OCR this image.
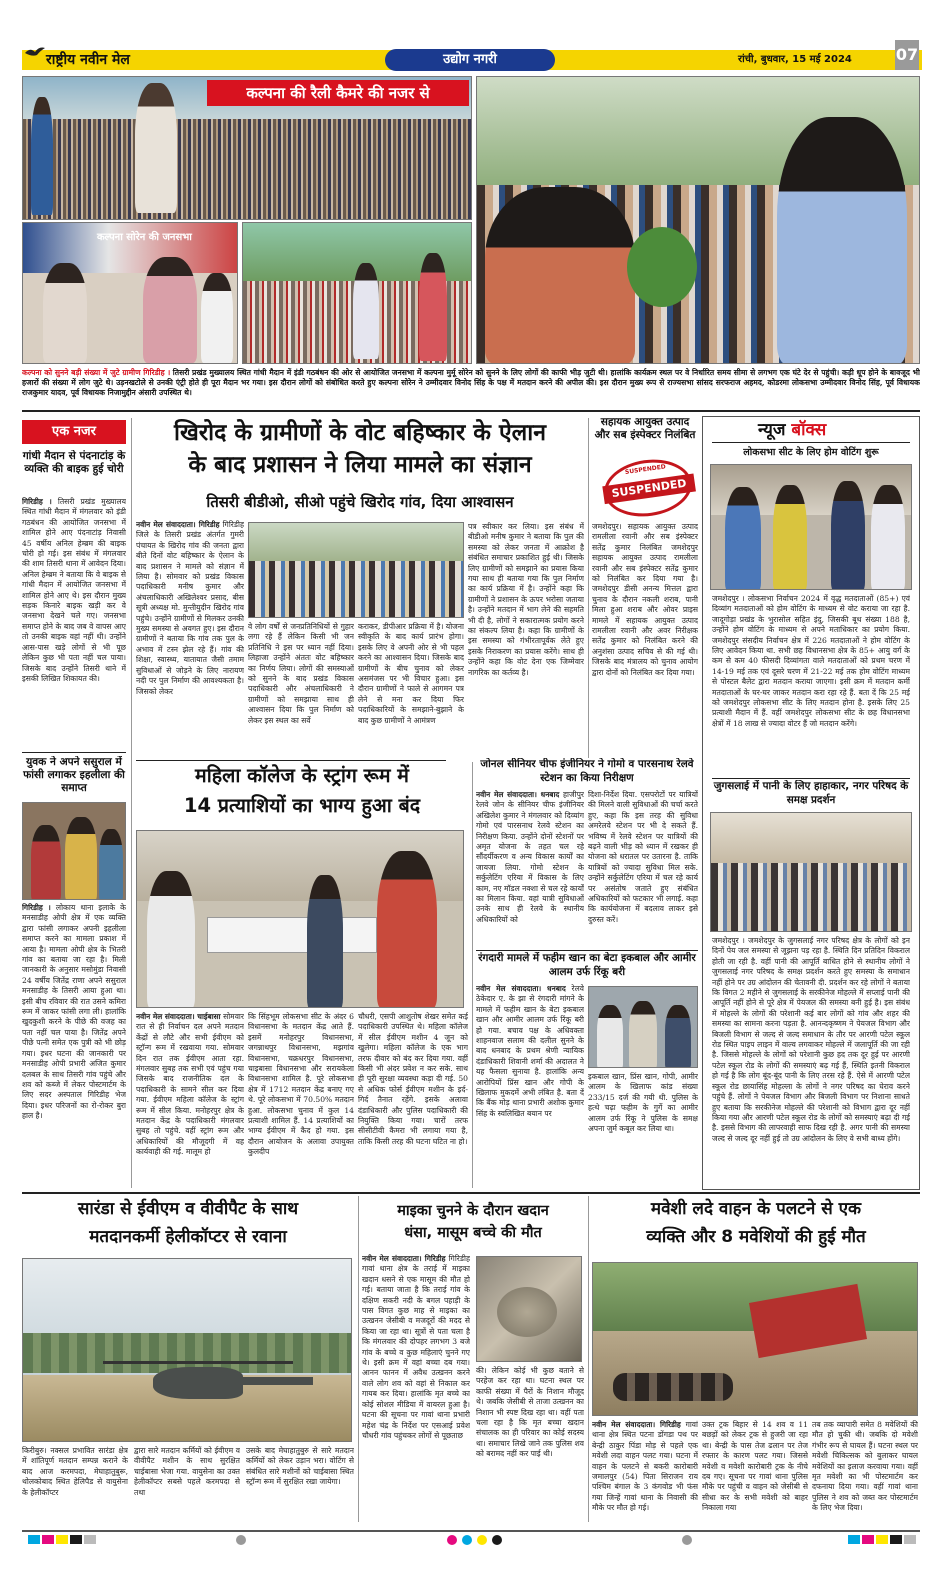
राष्ट्रीय नवीन मेल	उद्योग नगरी	रांची, बुधवार, 15 मई 2024	07
कल्पना की रैली कैमरे की नजर से
कल्पना सोरेन की जनसभा
कल्पना को सुनने बड़ी संख्या में जुटे ग्रामीण गिरिडीह । तिसरी प्रखंड मुख्यालय स्थित गांधी मैदान में इंडी गठबंधन की ओर से आयोजित जनसभा में कल्पना मुर्मू सोरेन को सुनने के लिए लोगों की काफी भीड़ जुटी थी। हालांकि कार्यक्रम स्थल पर वे निर्धारित समय सीमा से लगभग एक घंटे देर से पहुंची। कड़ी धूप होने के बावजूद भी हजारों की संख्या में लोग जुटे थे। उड़नखटोले से उनकी एंट्री होते ही पूरा मैदान भर गया। इस दौरान लोगों को संबोधित करते हुए कल्पना सोरेन ने उम्मीदवार विनोद सिंह के पक्ष में मतदान करने की अपील की। इस दौरान मुख्य रूप से राज्यसभा सांसद सरफराज अहमद, कोडरमा लोकसभा उम्मीदवार विनोद सिंह, पूर्व विधायक राजकुमार यादव, पूर्व विधायक निजामुद्दीन अंसारी उपस्थित थे।
एक नजर
गांधी मैदान से पंदनाटांड़ के व्यक्ति की बाइक हुई चोरी
गिरिडीह । तिसरी प्रखंड मुख्यालय स्थित गांधी मैदान में मंगलवार को इंडी गठबंधन की आयोजित जनसभा में शामिल होने आए पंदनाटांड़ निवासी 45 वर्षीय अनिल हेम्ब्रम की बाइक चोरी हो गई। इस संबंध में मंगलवार की शाम तिसरी थाना में आवेदन दिया। अनिल हेम्ब्रम ने बताया कि वे बाइक से गांधी मैदान में आयोजित जनसभा में शामिल होने आए थे। इस दौरान मुख्य सड़क किनारे बाइक खड़ी कर वे जनसभा देखने चले गए। जनसभा समाप्त होने के बाद जब वे वापस आए तो उनकी बाइक वहां नहीं थी। उन्होंने आस-पास खड़े लोगों से भी पूछ लेकिन कुछ भी पता नहीं चल पाया। जिसके बाद उन्होंने तिसरी थाने में इसकी लिखित शिकायत की।
युवक ने अपने ससुराल में फांसी लगाकर इहलीला की समाप्त
गिरिडीह । लोकाय थाना इलाके के मनसाडीह ओपी क्षेत्र में एक व्यक्ति द्वारा फांसी लगाकर अपनी इहलीला समाप्त करने का मामला प्रकाश में आया है। मामला ओपी क्षेत्र के भितरी गांव का बताया जा रहा है। मिली जानकारी के अनुसार मसोमुंडा निवासी 24 वर्षीय जितेंद्र राणा अपने ससुराल मनसाडीह के तिसरी आया हुआ था। इसी बीच रविवार की रात उसने कमिरा रूम में जाकर फांसी लगा ली। हालांकि खुदकुशी करने के पीछे की वजह का पता नहीं चल पाया है। जितेंद्र अपने पीछे पत्नी समेत एक पुत्री को भी छोड़ गया। इधर घटना की जानकारी पर मनसाडीह ओपी प्रभारी अजित कुमार दलबल के साथ तिसरी गांव पहुंचे और शव को कब्जे में लेकर पोस्टमार्टम के लिए सदर अस्पताल गिरिडीह भेज दिया। इधर परिजनों का रो-रोकर बुरा हाल है।
खिरोद के ग्रामीणों के वोट बहिष्कार के ऐलान
के बाद प्रशासन ने लिया मामले का संज्ञान
तिसरी बीडीओ, सीओ पहुंचे खिरोद गांव, दिया आश्वासन
नवीन मेल संवाददाता। गिरिडीह गिरिडीह जिले के तिसरी प्रखंड अंतर्गत गुमरी पंचायत के खिरोद गांव की जनता द्वारा बीते दिनों वोट बहिष्कार के ऐलान के बाद प्रशासन ने मामले को संज्ञान में लिया है। सोमवार को प्रखंड विकास पदाधिकारी मनीष कुमार और अंचलाधिकारी अखिलेश्वर प्रसाद, बीस सूत्री अध्यक्ष मो. मुन्तीयुदीन खिरोद गांव पहुंचे। उन्होंने ग्रामीणों से मिलकर उनकी मुख्य समस्या से अवगत हुए। इस दौरान ग्रामीणों ने बताया कि गांव तक पुल के अभाव में टस्न झेल रहे हैं। गांव की शिक्षा, स्वास्थ्य, यातायात जैसी तमाम सुविधाओं से जोड़ने के लिए नारायण नदी पर पुल निर्माण की आवश्यकता है। जिसको लेकर
वे लोग वर्षों से जनप्रतिनिधियों से गुहार लगा रहे हैं लेकिन किसी भी जन प्रतिनिधि ने इस पर ध्यान नहीं दिया। लिहाजा उन्होंने अंततः वोट बहिष्कार का निर्णय लिया। लोगों की समस्याओं को सुनने के बाद प्रखंड विकास पदाधिकारी और अंचलाधिकारी ने ग्रामीणों को समझाया साथ ही आश्वासन दिया कि पुल निर्माण को लेकर इस स्थल का सर्वे
कराकर, डीपीआर प्रक्रिया में है। योजना स्वीकृति के बाद कार्य प्रारंभ होगा। इसके लिए वे अपनी ओर से भी पहल करने का आश्वासन दिया। जिसके बाद ग्रामीणों के बीच चुनाव को लेकर असमंजस पर भी विचार हुआ। इस दौरान ग्रामीणों ने फाले से आगमन पत्र लेने से मना कर दिया फिर पदाधिकारियों के समझाने-बुझाने के बाद कुछ ग्रामीणों ने आमंत्रण
पत्र स्वीकार कर लिया। इस संबंध में बीडीओ मनीष कुमार ने बताया कि पुल की समस्या को लेकर जनता में आक्रोश है संबंधित समाचार प्रकाशित हुई थी। जिसके लिए ग्रामीणों को समझाने का प्रयास किया गया साथ ही बताया गया कि पुल निर्माण का कार्य प्रक्रिया में है। उन्होंने कहा कि ग्रामीणों ने प्रशासन के ऊपर भरोसा जताया है। उन्होंने मतदान में भाग लेने की सहमति भी दी है, लोगों ने सकारात्मक प्रयोग करने का संकल्प लिया है। कहा कि ग्रामीणों के इस समस्या को गंभीरतापूर्वक लेते हुए इसके निराकरण का प्रयास करेंगे। साथ ही उन्होंने कहा कि वोट देना एक जिम्मेवार नागरिक का कर्तव्य है।
सहायक आयुक्त उत्पाद और सब इंस्पेक्टर निलंबित
SUSPENDED
SUSPENDED
जमशेदपुर। सहायक आयुक्त उत्पाद रामलीला रवानी और सब इंस्पेक्टर सतेंद्र कुमार निलंबित जमशेदपुर सहायक आयुक्त उत्पाद रामलीला रवानी और सब इंस्पेक्टर सतेंद्र कुमार को निलंबित कर दिया गया है। जमशेदपुर डीसी अनन्य मित्तल द्वारा चुनाव के दौरान नकली शराब, पानी मिला हुआ शराब और ओवर प्राइस मामले में सहायक आयुक्त उत्पाद रामलीला रवानी और अवर निरीक्षक सतेंद्र कुमार को निलंबित करने की अनुशंसा उत्पाद सचिव से की गई थी। जिसके बाद मंत्रालय को चुनाव आयोग द्वारा दोनों को निलंबित कर दिया गया।
न्यूज बॉक्स
लोकसभा सीट के लिए होम वोटिंग शुरू
जमशेदपुर । लोकसभा निर्वाचन 2024 में वृद्ध मतदाताओं (85+) एवं दिव्यांग मतदाताओं को होम वोटिंग के माध्यम से वोट कराया जा रहा है. जादूगोड़ा प्रखंड के भुरासोल सहित इंदु, जिसकी बूथ संख्या 188 है, उन्होंने होम वोटिंग के माध्यम से अपने मताधिकार का प्रयोग किया. जमशेदपुर संसदीय निर्वाचन क्षेत्र में 226 मतदाताओं ने होम वोटिंग के लिए आवेदन किया था. सभी छह विधानसभा क्षेत्र के 85+ आयु वर्ग के कम से कम 40 फीसदी दिव्यांगता वाले मतदाताओं को प्रथम चरण में 14-19 मई तक एवं दूसरे चरण में 21-22 मई तक होम वोटिंग माध्यम से पोस्टल बैलेट द्वारा मतदान कराया जाएगा। इसी क्रम में मतदान कर्मी मतदाताओं के घर-घर जाकर मतदान करा रहा रहे हैं. बता दें कि 25 मई को जमशेदपुर लोकसभा सीट के लिए मतदान होना है. इसके लिए 25 प्रत्याशी मैदान में हैं. वहीं जमशेदपुर लोकसभा सीट के छह विधानसभा क्षेत्रों में 18 लाख से ज्यादा वोटर हैं जो मतदान करेंगे।
जुगसलाई में पानी के लिए हाहाकार, नगर परिषद के समक्ष प्रदर्शन
जमशेदपुर । जमशेदपुर के जुगसलाई नगर परिषद क्षेत्र के लोगों को इन दिनों पेय जल समस्या से जूझना पड़ रहा है. स्थिति दिन प्रतिदिन विकराल होती जा रही है. वहीं पानी की आपूर्ति बाधित होने से स्थानीय लोगों ने जुगसलाई नगर परिषद के समक्ष प्रदर्शन करते हुए समस्या के समाधान नहीं होने पर उग्र आंदोलन की चेतावनी दी. प्रदर्शन कर रहे लोगों ने बताया कि विगत 2 महीने से जुगसलाई के सरकीनेज मोहल्ले में सप्लाई पानी की आपूर्ति नहीं होने से पूरे क्षेत्र में पेयजल की समस्या बनी हुई है। इस संबंध में मोहल्ले के लोगों की परेशानी कई बार लोगों को गांव और शहर की समस्या का सामना करना पड़ता है. आनन्दकृष्णम ने पेयजल विभाग और बिजली विभाग से जल्द से जल्द समाधान के तौर पर आरणी पटेल स्कूल रोड स्थित पाइप लाइन में वाल्व लगवाकर मोहल्ले में जलापूर्ति की जा रही है. जिससे मोहल्ले के लोगों को परेशानी कुछ हद तक दूर हुई पर आरणी पटेल स्कूल रोड के लोगों की समस्याएं बढ़ गई हैं, स्थिति इतनी विकराल हो गई है कि लोग बूंद-बूंद पानी के लिए तरस रहे हैं. ऐसे में आरणी पटेल स्कूल रोड छायासिंह मोहल्ला के लोगों ने नगर परिषद का घेराव करने पहुंचे हैं. लोगों ने पेयजल विभाग और बिजली विभाग पर निशाना साधते हुए बताया कि सरकीनेज मोहल्ले की परेशानी को विभाग द्वारा दूर नहीं किया गया और आरणी पटेल स्कूल रोड के लोगों को समस्याएं बढ़ा दी गई है. इससे विभाग की लापरवाही साफ दिख रही है. अगर पानी की समस्या जल्द से जल्द दूर नहीं हुई तो उग्र आंदोलन के लिए वे सभी बाध्य होंगे।
महिला कॉलेज के स्ट्रांग रूम में
14 प्रत्याशियों का भाग्य हुआ बंद
नवीन मेल संवाददाता। चाईबासा सोमवार रात से ही निर्वाचन दल अपने मतदान केंद्रों से लौटे और सभी ईवीएम को स्ट्रॉन्ग रूम में रखवाया गया. सोमवार दिन रात तक ईवीएम आता रहा. मंगलवार सुबह तक सभी एवं पहुंच गया जिसके बाद राजनीतिक दल के पदाधिकारी के सामने सील कर दिया गया. ईवीएम महिला कॉलेज के स्ट्रांग रूम में सील किया. मनोहरपुर क्षेत्र के मतदान केंद्र के पदाधिकारी मंगलवार सुबह तो पहुंचे. वहीं स्ट्रांग रूम और अधिकारियों की मौजूदगी में वह कार्यवाही की गई. मालूम हो
कि सिंहभूम लोकसभा सीट के अंदर 6 विधानसभा के मतदान केंद्र आते हैं. इसमें मनोहरपुर विधानसभा, जगन्नाथपुर विधानसभा, मझगांव विधानसभा, चक्रधरपुर विधानसभा, चाइबासा विधानसभा और सरायकेला विधानसभा शामिल है. पूरे लोकसभा क्षेत्र में 1712 मतदान केंद्र बनाए गए थे. पूरे लोकसभा में 70.50% मतदान हुआ. लोकसभा चुनाव में कुल 14 प्रत्याशी शामिल हैं. 14 प्रत्याशियों का भाग्य ईवीएम में कैद हो गया. इस दौरान आयोजन के अलावा उपायुक्त कुलदीप
चौधरी, एसपी आशुतोष शेखर समेत कई पदाधिकारी उपस्थित थे। महिला कॉलेज में सील ईवीएम मशीन 4 जून को खुलेगा। महिला कॉलेज के एक भाग तरफ दीवार को बंद कर दिया गया. वहीं किसी भी अंदर प्रवेश न कर सके. साथ ही पूरी सुरक्षा व्यवस्था कड़ा दी गई. 50 से अधिक फोर्स ईवीएम मशीन के इर्द-गिर्द तैनात रहेंगे. इसके अलावा दंडाधिकारी और पुलिस पदाधिकारी की नियुक्ति किया गया। चारों तरफ सीसीटीवी कैमरा भी लगाया गया है, ताकि किसी तरह की घटना घटित ना हो।
जोनल सीनियर चीफ इंजीनियर ने गोमो व पारसनाथ रेलवे स्टेशन का किया निरीक्षण
नवीन मेल संवाददाता। धनबाद हाजीपुर रेलवे जोन के सीनियर चीफ इंजीनियर अखिलेश कुमार ने मंगलवार को दिव्यांग गोमो एवं पारसनाथ रेलवे स्टेशन का निरीक्षण किया. उन्होंने दोनों स्टेशनों पर अमृत योजना के तहत चल रहे सौंदर्यीकरण व अन्य विकास कार्यों का जायजा लिया. गोमो स्टेशन के सर्कुलेटिंग एरिया में विकास के लिए काम, नए मॉडल नक्शा से चल रहे कार्यों का मिलान किया. वहां यात्री सुविधाओं उनके साथ ही रेलवे के स्थानीय अधिकारियों को
दिशा-निर्देश दिया. एसपरोटों पर यात्रियों की मिलने वाली सुविधाओं की चर्चा करते हुए, कहा कि इस तरह की सुविधा अमरेलवे स्टेशन पर भी दे सकते हैं. भविष्य में रेलवे स्टेशन पर यात्रियों की बढ़ने वाली भीड़ को ध्यान में रखकर ही योजना को धरातल पर उतारना है. ताकि यात्रियों को ज्यादा सुविधा मिल सके. उन्होंने सर्कुलेटिंग एरिया में चल रहे कार्य पर असंतोष जताते हुए संबंधित अधिकारियों को फटकार भी लगाई. कहा कि कार्ययोजना में बदलाव लाकर इसे दुरुस्त करें।
रंगदारी मामले में फहीम खान का बेटा इकबाल और आमीर आलम उर्फ रिंकू बरी
नवीन मेल संवाददाता। धनबाद रेलवे ठेकेदार ए. के झा से रंगदारी मांगने के मामले में फहीम खान के बेटा इकबाल खान और आमीर आलम उर्फ रिंकू बरी हो गया. बचाव पक्ष के अधिवक्ता शाहनवाज सलाम की दलील सुनने के बाद धनबाद के प्रथम श्रेणी न्यायिक दंडाधिकारी शिवानी शर्मा की अदालत ने यह फैसला सुनाया है. हालांकि अन्य आरोपियों प्रिंस खान और गोपी के खिलाफ मुकदमें अभी लंबित है. बता दें कि बैंक मोड़ थाना प्रभारी अशोक कुमार सिंह के स्वलिखित बयान पर
इकबाल खान, प्रिंस खान, गोपी, आमीर आलम के खिलाफ कांड संख्या 233/15 दर्ज की गयी थी. पुलिस के हत्थे चढ़ा फहीम के गुर्गे का आमीर आलम उर्फ रिंकू ने पुलिस के समक्ष अपना जुर्म कबूल कर लिया था।
सारंडा से ईवीएम व वीवीपैट के साथ
मतदानकर्मी हेलीकॉप्टर से रवाना
किरीबुरु। नक्सल प्रभावित सारंडा क्षेत्र में शांतिपूर्ण मतदान सम्पन्न कराने के बाद आज करमपदा, मेघाहातुबुरू, थोलकोबाद स्थित हेलिपैड से वायुसेना के हेलीकॉप्टर
द्वारा सारे मतदान कर्मियों को ईवीएम व वीवीपैट मशीन के साथ सुरक्षित चाईबासा भेजा गया. वायुसेना का उक्त हेलीकॉप्टर सबसे पहले करमपदा से तथा
उसके बाद मेघाहातुबुरु से सारे मतदान कर्मियों को लेकर उड़ान भरा। वोटिंग से संबंधित सारे मशीनों को चाईबासा स्थित स्ट्रॉन्ग रूम में सुरक्षित रखा जायेगा।
माइका चुनने के दौरान खदान
धंसा, मासूम बच्चे की मौत
नवीन मेल संवाददाता। गिरिडीह गिरिडीह गावां थाना क्षेत्र के तराई में माइका खदान धसने से एक मासूम की मौत हो गई। बताया जाता है कि तराई गांव के दक्षिण सकरी नदी के बगल पहाड़ी के पास विगत कुछ माह से माइका का उत्खनन जेसीबी व मजदूरों की मदद से किया जा रहा था। सूत्रों से पता चला है कि मंगलवार की दोपहर लगभग 3 बजे गांव के बच्चे व कुछ महिलाएं चुनने गए थे। इसी क्रम में वहां बच्चा दब गया। आनन फानन में अवैध उत्खनन करने वाले लोग शव को वहां से निकाल कर गायब कर दिया। हालांकि मृत बच्चे का कोई सोशल मीडिया में वायरल हुआ है। घटना की सूचना पर गावां थाना प्रभारी महेश चंद्र के निर्देश पर एसआई प्रवेश चौधरी गांव पहुंचकर लोगों से पूछताछ
की। लेकिन कोई भी कुछ बताने से परहेज कर रहा था। घटना स्थल पर काफी संख्या में पैरों के निशान मौजूद थे। जबकि जेसीबी से ताजा उत्खनन का निशान भी स्पष्ट दिख रहा था। वहीं पता चला रहा है कि मृत बच्चा खदान संचालक का ही परिवार का कोई सदस्य था। समाचार लिखे जाने तक पुलिस शव को बरामद नहीं कर पाई थी।
मवेशी लदे वाहन के पलटने से एक
व्यक्ति और 8 मवेशियों की हुई मौत
नवीन मेल संवाददाता। गिरिडीह गावां थाना क्षेत्र स्थित पटना डोंगडा पथ पर बेन्द्री ठाकुर पिंडा मोड़ से पहले एक मवेशी लदा वाहन पलट गया। घटना में वाहन के पलटने से बकरी कारोबारी जमालपुर (54) पिता सिराजन राय पश्चिम बंगाल के 3 कंगवोड भी फंस गया जिन्हें गावां थाना के निवासी की मौके पर मौत हो गई।
उक्त ट्रक बिहार से 14 शव व 11 बछड़ों को लेकर ट्रक से हुजरी जा रहा था। बेन्द्री के पास तेज ढलान पर तेज रफ्तार के कारण पलट गया। जिससे मवेशी व मवेशी कारोबारी ट्रक के नीचे दब गए। सूचना पर गावां थाना पुलिस मौके पर पहुंची व वाहन को जेसीबी से सीधा कर के सभी मवेशी को बाहर निकाला गया
तब तक व्यापारी समेत 8 मवेशियों की मौत हो चुकी थी। जबकि दो मवेशी गंभीर रूप से घायल हैं। घटना स्थल पर मवेशी चिकित्सक को बुलाकर घायल मवेशियों का इलाज करवाया गया। वहीं मृत मवेशी का भी पोस्टमार्टम कर दफनाया दिया गया। वहीं गावां थाना पुलिस ने शव को जब्त कर पोस्टमार्टम के लिए भेज दिया।
